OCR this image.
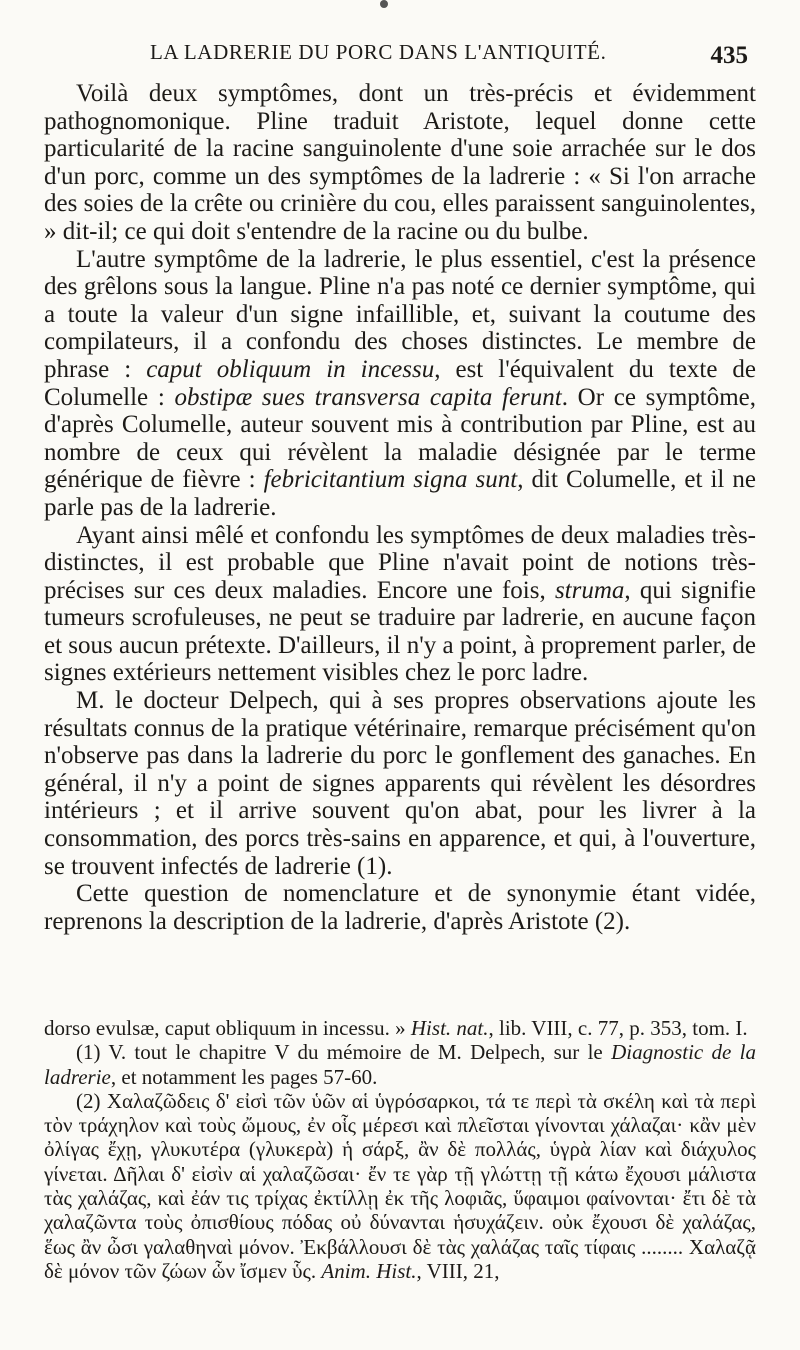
LA LADRERIE DU PORC DANS L'ANTIQUITÉ.	435

Voilà deux symptômes, dont un très-précis et évidemment pathognomonique. Pline traduit Aristote, lequel donne cette particularité de la racine sanguinolente d'une soie arrachée sur le dos d'un porc, comme un des symptômes de la ladrerie : « Si l'on arrache des soies de la crête ou crinière du cou, elles paraissent sanguinolentes, » dit-il; ce qui doit s'entendre de la racine ou du bulbe.

L'autre symptôme de la ladrerie, le plus essentiel, c'est la présence des grêlons sous la langue. Pline n'a pas noté ce dernier symptôme, qui a toute la valeur d'un signe infaillible, et, suivant la coutume des compilateurs, il a confondu des choses distinctes. Le membre de phrase : caput obliquum in incessu, est l'équivalent du texte de Columelle : obstipæ sues transversa capita ferunt. Or ce symptôme, d'après Columelle, auteur souvent mis à contribution par Pline, est au nombre de ceux qui révèlent la maladie désignée par le terme générique de fièvre : febricitantium signa sunt, dit Columelle, et il ne parle pas de la ladrerie.

Ayant ainsi mêlé et confondu les symptômes de deux maladies très-distinctes, il est probable que Pline n'avait point de notions très-précises sur ces deux maladies. Encore une fois, struma, qui signifie tumeurs scrofuleuses, ne peut se traduire par ladrerie, en aucune façon et sous aucun prétexte. D'ailleurs, il n'y a point, à proprement parler, de signes extérieurs nettement visibles chez le porc ladre.

M. le docteur Delpech, qui à ses propres observations ajoute les résultats connus de la pratique vétérinaire, remarque précisément qu'on n'observe pas dans la ladrerie du porc le gonflement des ganaches. En général, il n'y a point de signes apparents qui révèlent les désordres intérieurs ; et il arrive souvent qu'on abat, pour les livrer à la consommation, des porcs très-sains en apparence, et qui, à l'ouverture, se trouvent infectés de ladrerie (1).

Cette question de nomenclature et de synonymie étant vidée, reprenons la description de la ladrerie, d'après Aristote (2).

dorso evulsæ, caput obliquum in incessu. » Hist. nat., lib. VIII, c. 77, p. 353, tom. I.

(1) V. tout le chapitre V du mémoire de M. Delpech, sur le Diagnostic de la ladrerie, et notamment les pages 57-60.

(2) Χαλαζῶδεις δ' εἰσὶ τῶν ὑῶν αἱ ὑγρόσαρκοι, τά τε περὶ τὰ σκέλη καὶ τὰ περὶ τὸν τράχηλον καὶ τοὺς ὤμους, ἐν οἷς μέρεσι καὶ πλεῖσται γίνονται χάλαζαι· κἂν μὲν ὀλίγας ἔχῃ, γλυκυτέρα (γλυκερὰ) ἡ σάρξ, ἂν δὲ πολλάς, ὑγρὰ λίαν καὶ διάχυλος γίνεται. Δῆλαι δ' εἰσὶν αἱ χαλαζῶσαι· ἔν τε γὰρ τῇ γλώττῃ τῇ κάτω ἔχουσι μάλιστα τὰς χαλάζας, καὶ ἐάν τις τρίχας ἐκτίλλῃ ἐκ τῆς λοφιᾶς, ὕφαιμοι φαίνονται· ἔτι δὲ τὰ χαλαζῶντα τοὺς ὀπισθίους πόδας οὐ δύνανται ἡσυχάζειν. οὐκ ἔχουσι δὲ χαλάζας, ἕως ἂν ὦσι γαλαθηναὶ μόνον. Ἐκβάλλουσι δὲ τὰς χαλάζας ταῖς τίφαις ........ Χαλαζᾷ δὲ μόνον τῶν ζώων ὧν ἴσμεν ὗς. Anim. Hist., VIII, 21,
